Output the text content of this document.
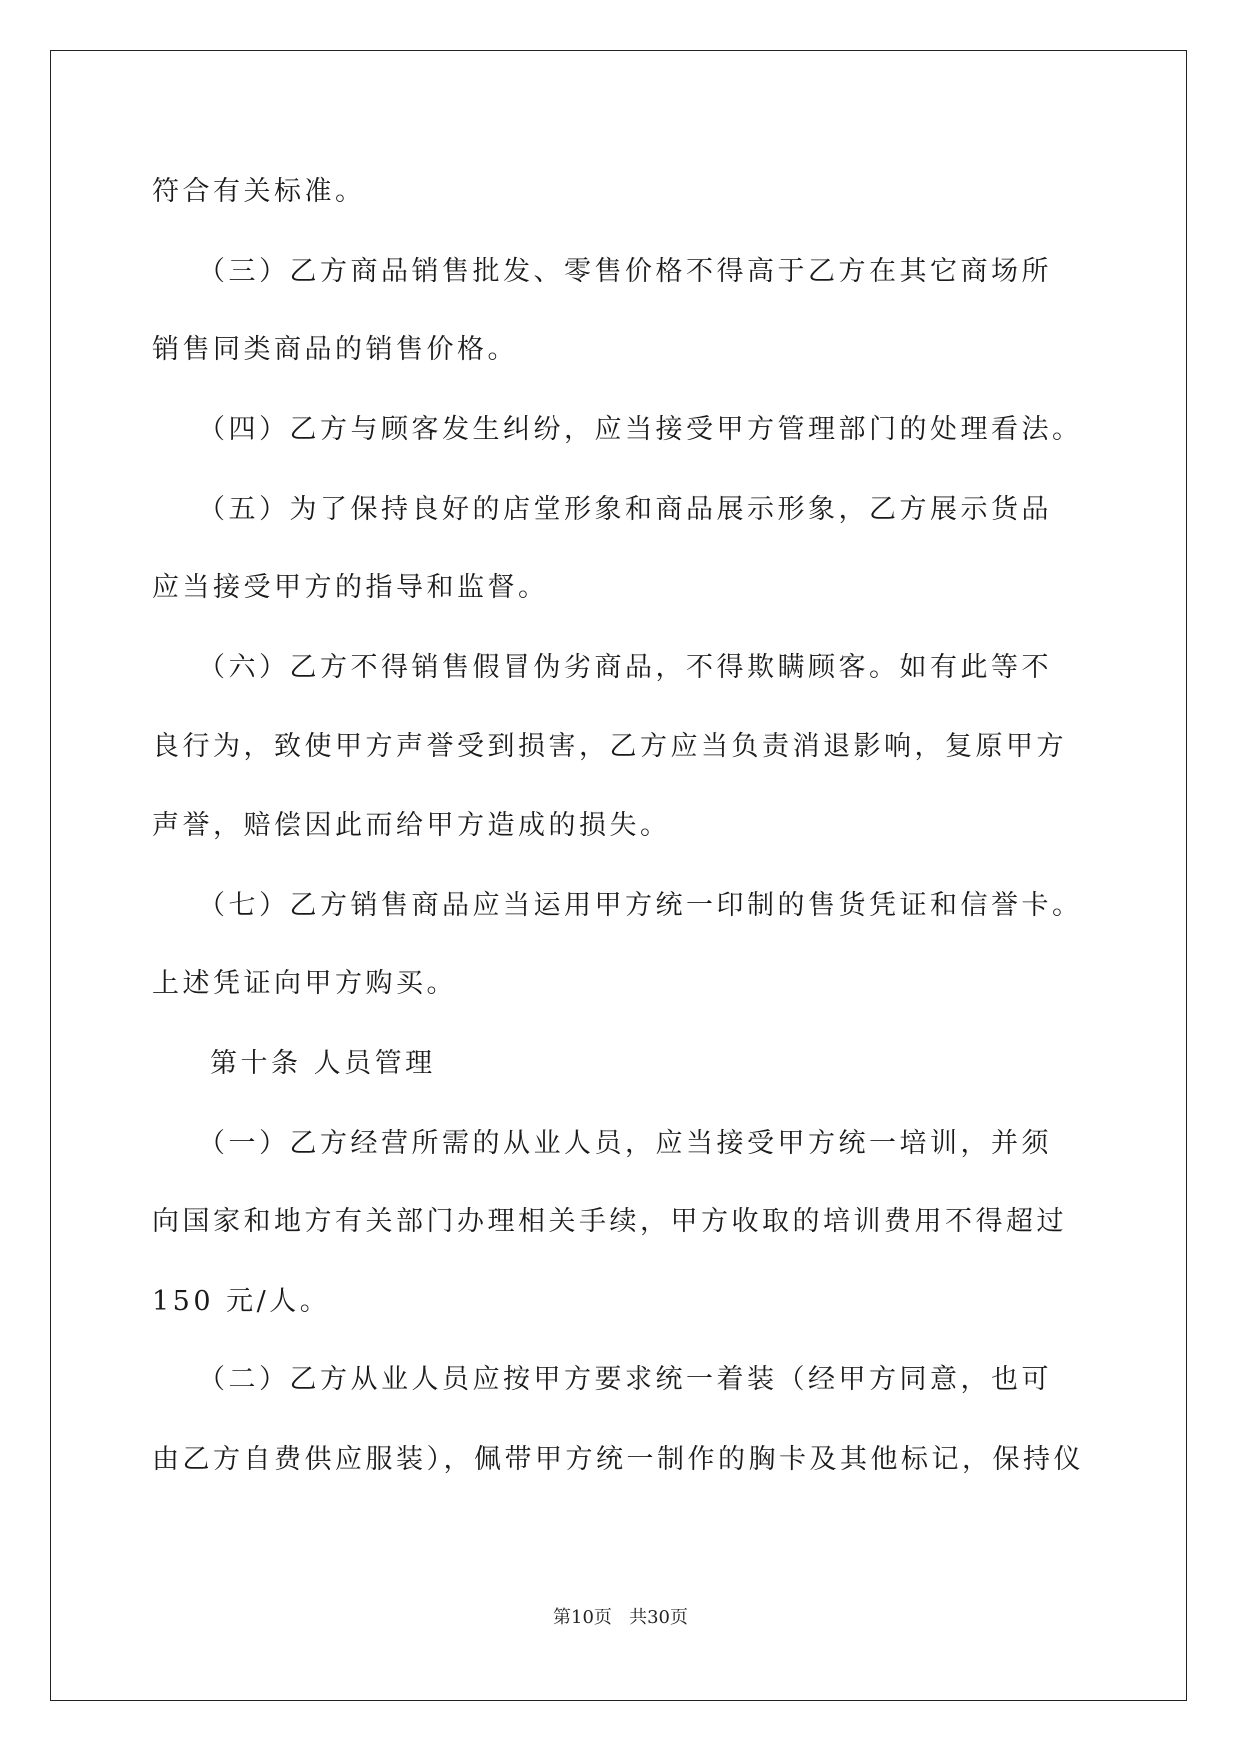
符合有关标准。

（三）乙方商品销售批发、零售价格不得高于乙方在其它商场所

销售同类商品的销售价格。

（四）乙方与顾客发生纠纷，应当接受甲方管理部门的处理看法。

（五）为了保持良好的店堂形象和商品展示形象，乙方展示货品

应当接受甲方的指导和监督。

（六）乙方不得销售假冒伪劣商品，不得欺瞒顾客。如有此等不

良行为，致使甲方声誉受到损害，乙方应当负责消退影响，复原甲方

声誉，赔偿因此而给甲方造成的损失。

（七）乙方销售商品应当运用甲方统一印制的售货凭证和信誉卡。

上述凭证向甲方购买。

第十条 人员管理

（一）乙方经营所需的从业人员，应当接受甲方统一培训，并须

向国家和地方有关部门办理相关手续，甲方收取的培训费用不得超过

150 元/人。

（二）乙方从业人员应按甲方要求统一着装（经甲方同意，也可

由乙方自费供应服装），佩带甲方统一制作的胸卡及其他标记，保持仪

第10页   共30页
